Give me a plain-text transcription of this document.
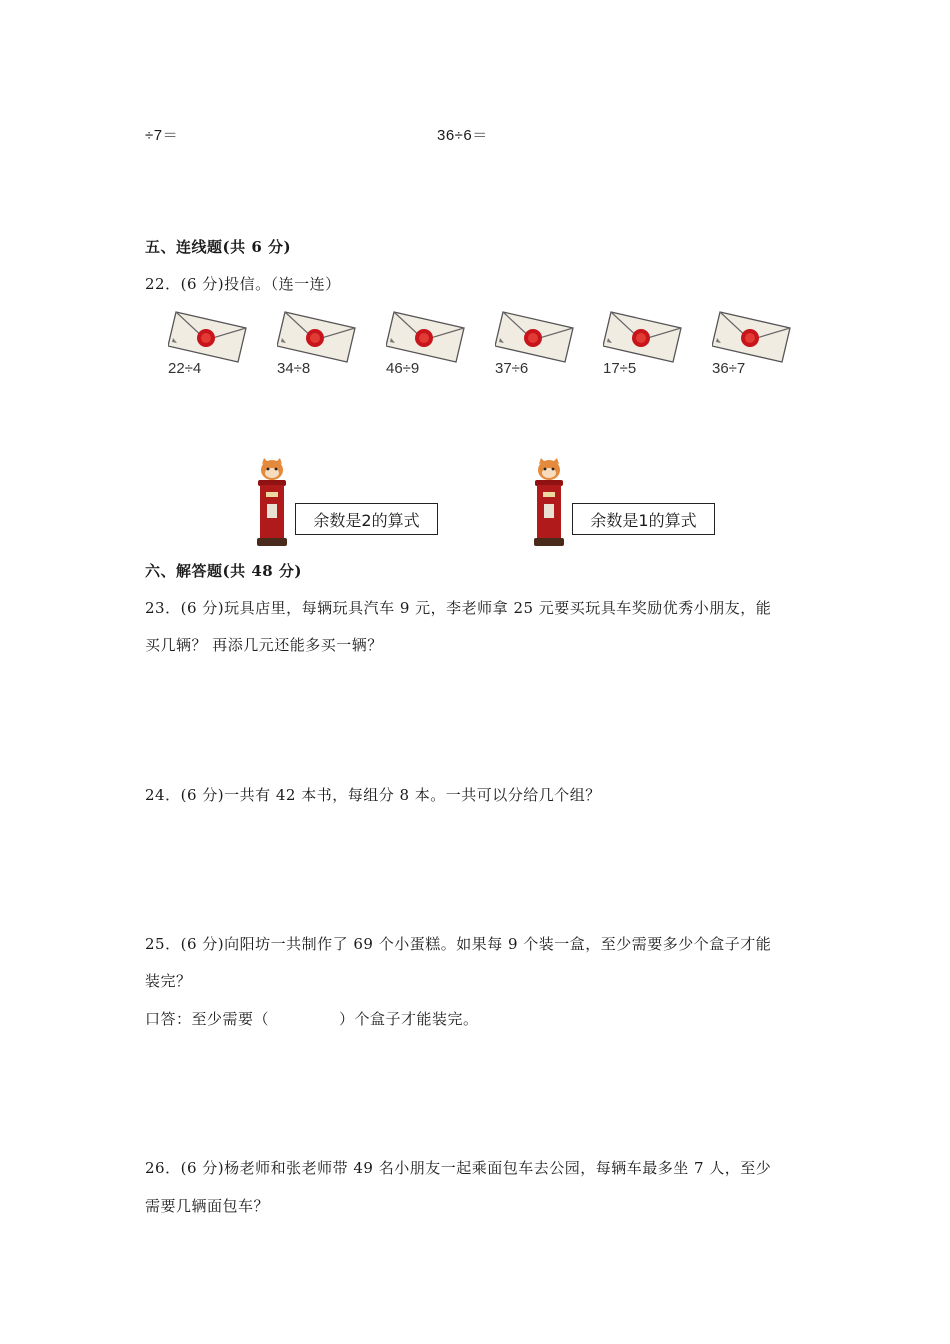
÷7＝	36÷6＝
五、连线题(共 6 分)
22．(6 分)投信。（连一连）
22÷4	34÷8	46÷9	37÷6	17÷5	36÷7
余数是2的算式	余数是1的算式
六、解答题(共 48 分)
23．(6 分)玩具店里，每辆玩具汽车 9 元，李老师拿 25 元要买玩具车奖励优秀小朋友，能
买几辆？ 再添几元还能多买一辆？
24．(6 分)一共有 42 本书，每组分 8 本。一共可以分给几个组？
25．(6 分)向阳坊一共制作了 69 个小蛋糕。如果每 9 个装一盒，至少需要多少个盒子才能
装完？
口答：至少需要（	）个盒子才能装完。
26．(6 分)杨老师和张老师带 49 名小朋友一起乘面包车去公园，每辆车最多坐 7 人，至少
需要几辆面包车？
